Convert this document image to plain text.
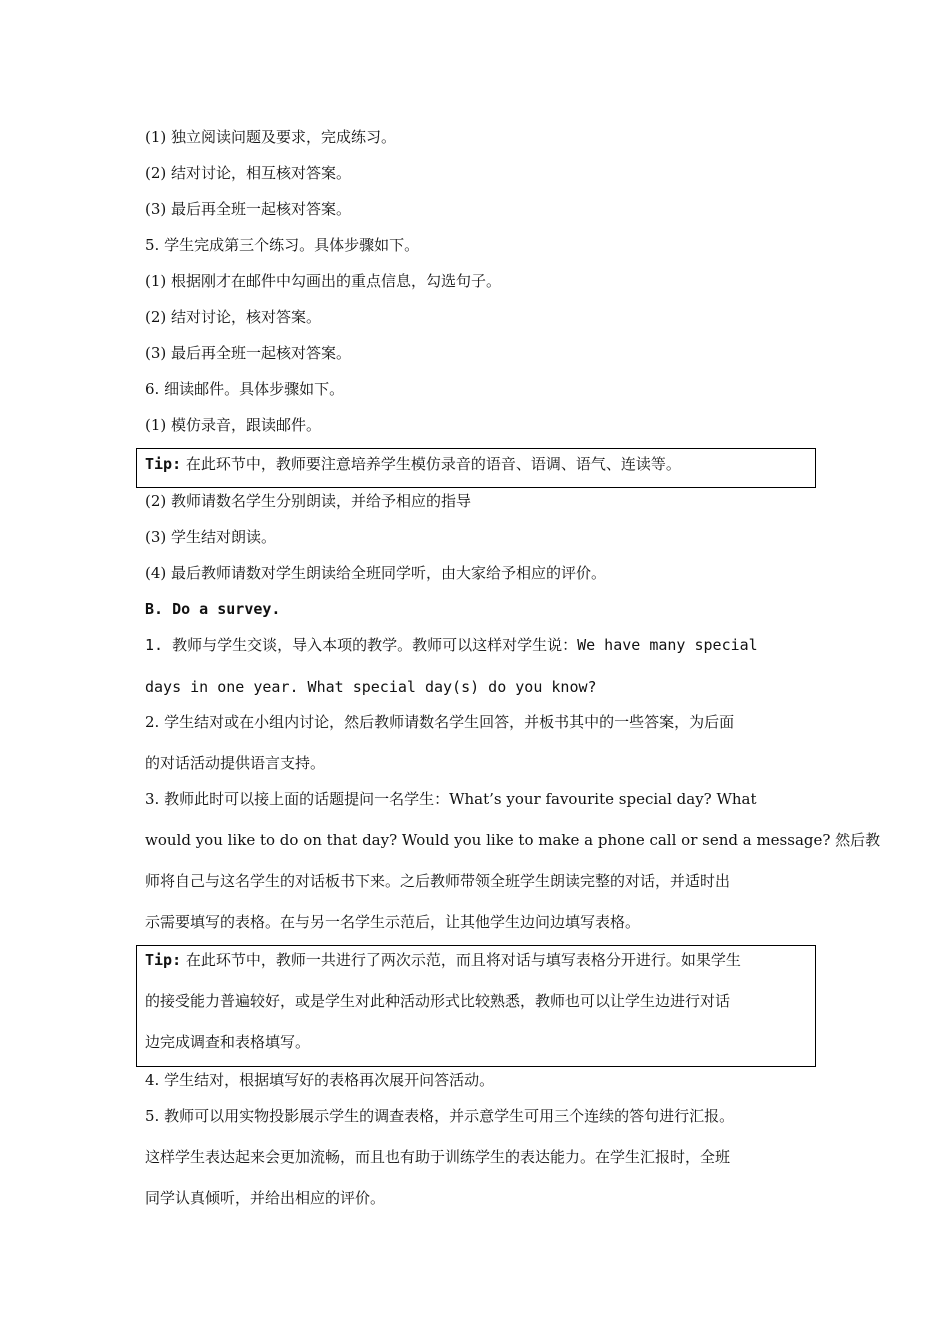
(1) 独立阅读问题及要求，完成练习。
(2) 结对讨论，相互核对答案。
(3) 最后再全班一起核对答案。
5. 学生完成第三个练习。具体步骤如下。
(1) 根据刚才在邮件中勾画出的重点信息，勾选句子。
(2) 结对讨论，核对答案。
(3) 最后再全班一起核对答案。
6. 细读邮件。具体步骤如下。
(1) 模仿录音，跟读邮件。
Tip: 在此环节中，教师要注意培养学生模仿录音的语音、语调、语气、连读等。
(2) 教师请数名学生分别朗读，并给予相应的指导
(3) 学生结对朗读。
(4) 最后教师请数对学生朗读给全班同学听，由大家给予相应的评价。
B. Do a survey.
1. 教师与学生交谈，导入本项的教学。教师可以这样对学生说：We have many special
days in one year. What special day(s) do you know?
2. 学生结对或在小组内讨论，然后教师请数名学生回答，并板书其中的一些答案，为后面
的对话活动提供语言支持。
3. 教师此时可以接上面的话题提问一名学生：What’s your favourite special day? What
would you like to do on that day? Would you like to make a phone call or send a message? 然后教
师将自己与这名学生的对话板书下来。之后教师带领全班学生朗读完整的对话，并适时出
示需要填写的表格。在与另一名学生示范后，让其他学生边问边填写表格。
Tip: 在此环节中，教师一共进行了两次示范，而且将对话与填写表格分开进行。如果学生
的接受能力普遍较好，或是学生对此种活动形式比较熟悉，教师也可以让学生边进行对话
边完成调查和表格填写。
4. 学生结对，根据填写好的表格再次展开问答活动。
5. 教师可以用实物投影展示学生的调查表格，并示意学生可用三个连续的答句进行汇报。
这样学生表达起来会更加流畅，而且也有助于训练学生的表达能力。在学生汇报时，全班
同学认真倾听，并给出相应的评价。
